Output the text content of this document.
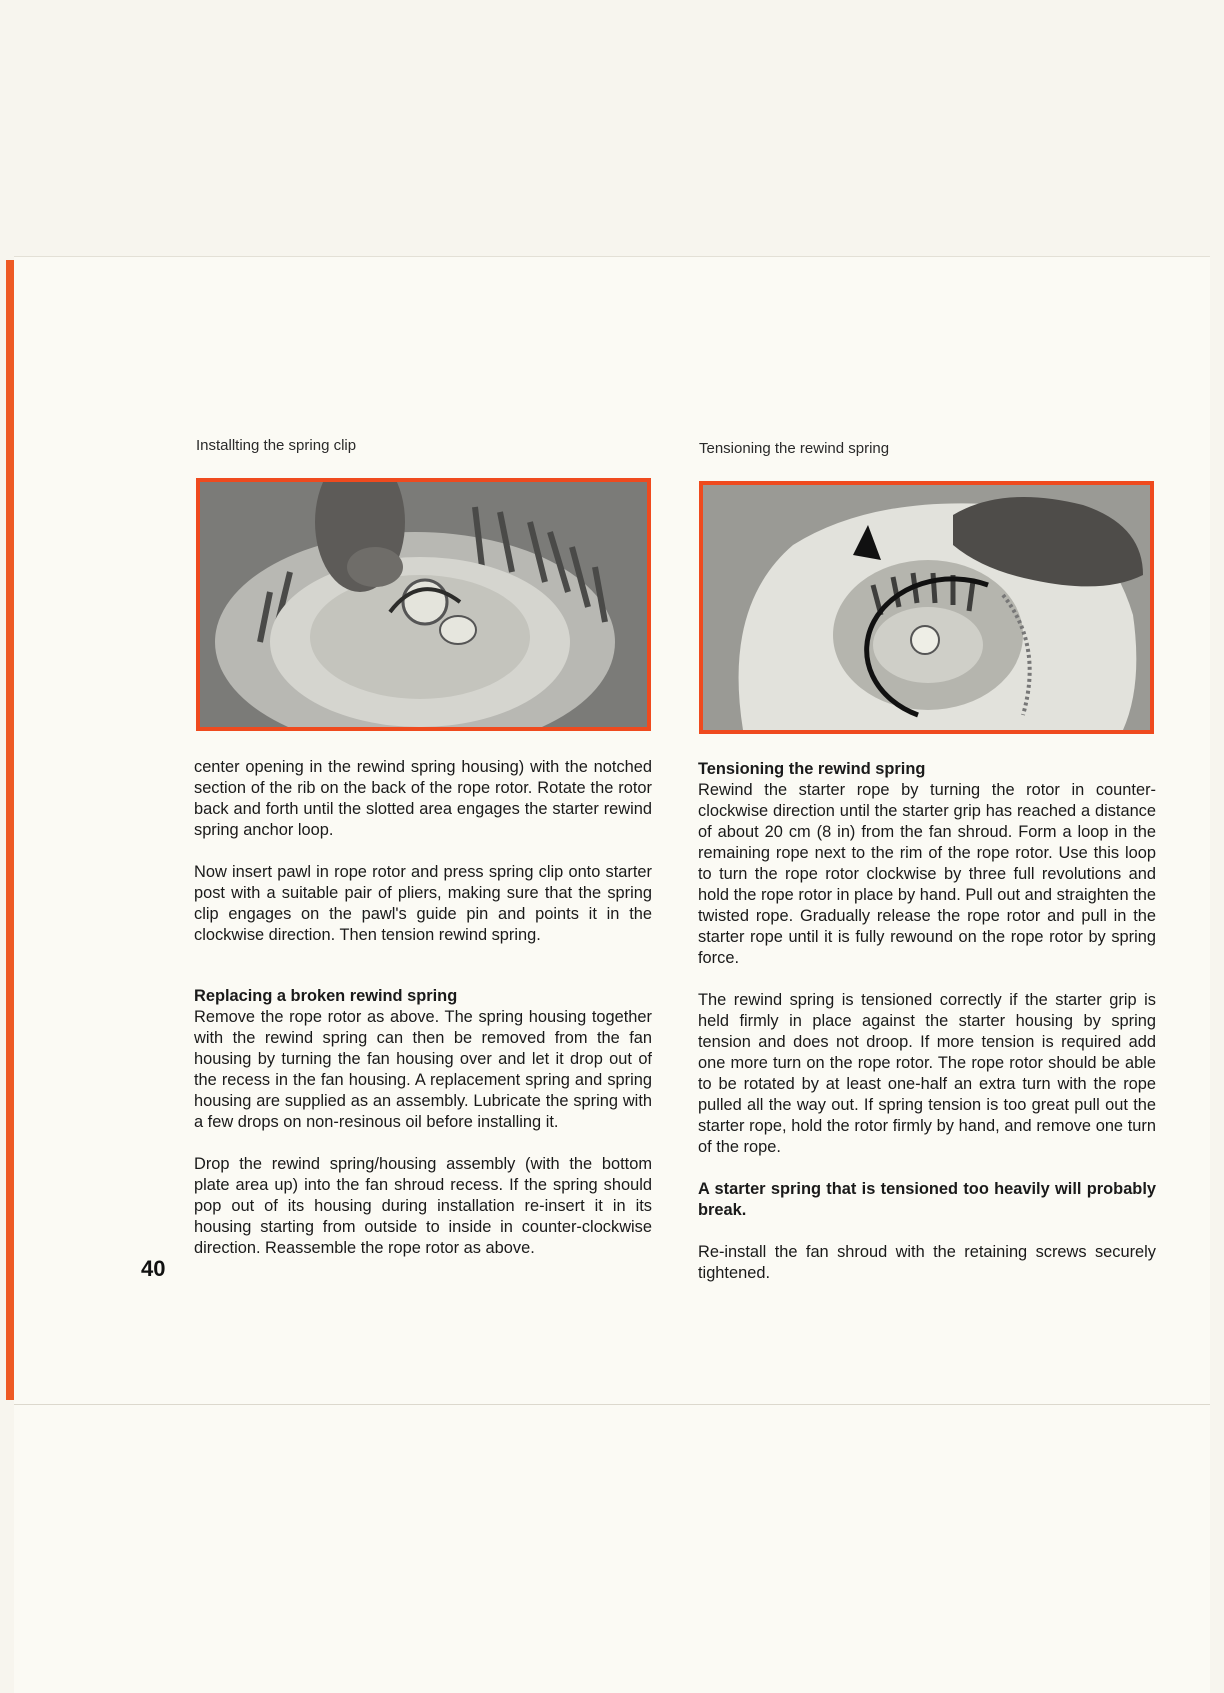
Installting the spring clip	Tensioning the rewind spring

center opening in the rewind spring housing) with the notched section of the rib on the back of the rope rotor. Rotate the rotor back and forth until the slotted area engages the starter rewind spring anchor loop.

Now insert pawl in rope rotor and press spring clip onto starter post with a suitable pair of pliers, making sure that the spring clip engages on the pawl's guide pin and points it in the clockwise direction. Then tension rewind spring.

Replacing a broken rewind spring

Remove the rope rotor as above. The spring housing together with the rewind spring can then be removed from the fan housing by turning the fan housing over and let it drop out of the recess in the fan housing. A replacement spring and spring housing are supplied as an assembly. Lubricate the spring with a few drops on non-resinous oil before installing it.

Drop the rewind spring/housing assembly (with the bottom plate area up) into the fan shroud recess. If the spring should pop out of its housing during installation re-insert it in its housing starting from outside to inside in counter-clockwise direction. Reassemble the rope rotor as above.

40

Tensioning the rewind spring

Rewind the starter rope by turning the rotor in counter-clockwise direction until the starter grip has reached a distance of about 20 cm (8 in) from the fan shroud. Form a loop in the remaining rope next to the rim of the rope rotor. Use this loop to turn the rope rotor clockwise by three full revolutions and hold the rope rotor in place by hand. Pull out and straighten the twisted rope. Gradually release the rope rotor and pull in the starter rope until it is fully rewound on the rope rotor by spring force.

The rewind spring is tensioned correctly if the starter grip is held firmly in place against the starter housing by spring tension and does not droop. If more tension is required add one more turn on the rope rotor. The rope rotor should be able to be rotated by at least one-half an extra turn with the rope pulled all the way out. If spring tension is too great pull out the starter rope, hold the rotor firmly by hand, and remove one turn of the rope.

A starter spring that is tensioned too heavily will probably break.

Re-install the fan shroud with the retaining screws securely tightened.
